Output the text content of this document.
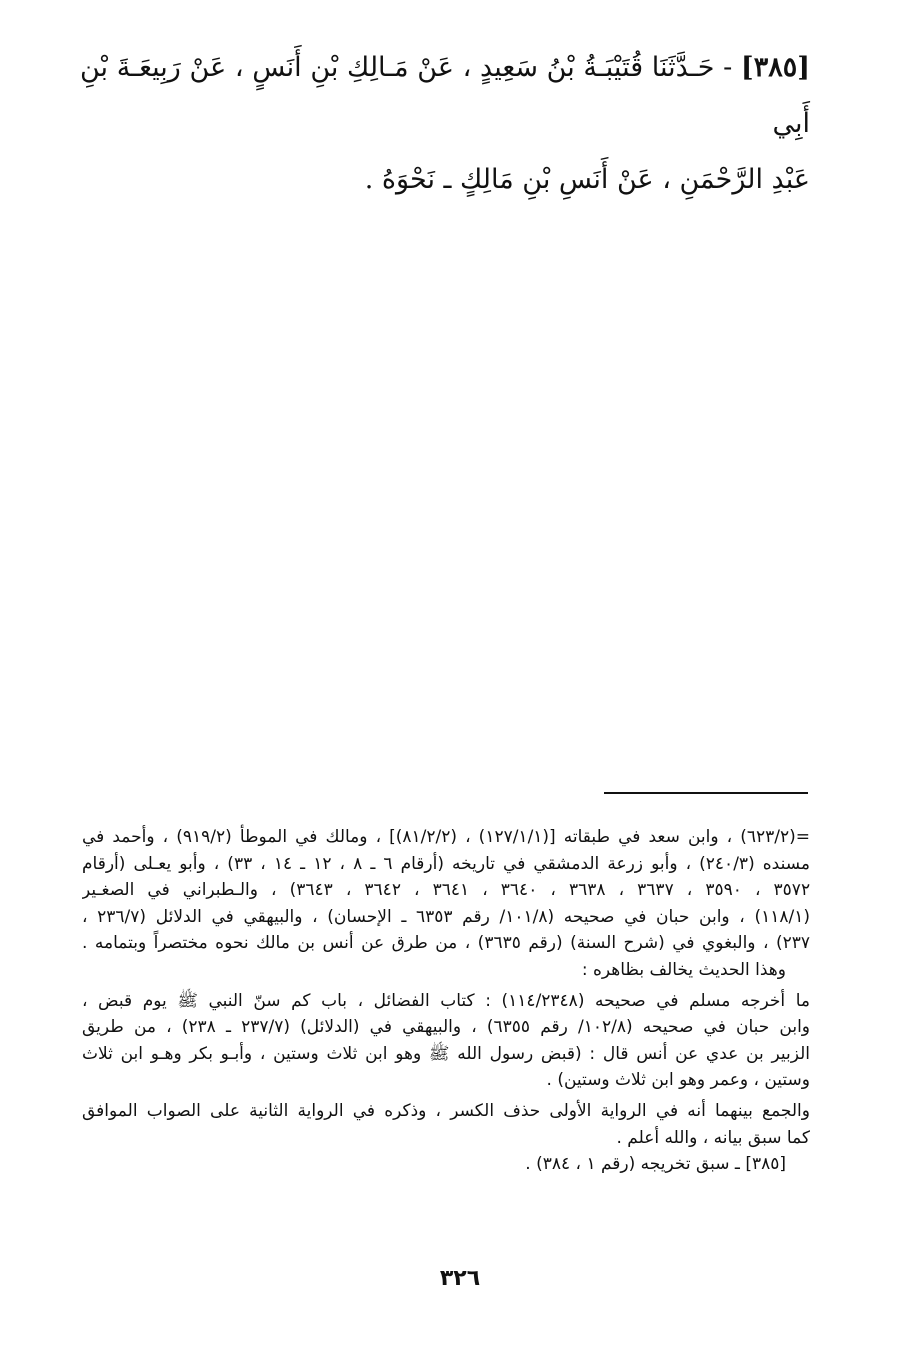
[٣٨٥] - حَـدَّثَنَا قُتَيْبَـةُ بْنُ سَعِيدٍ ، عَنْ مَـالِكِ بْنِ أَنَسٍ ، عَنْ رَبِيعَـةَ بْنِ أَبِي
عَبْدِ الرَّحْمَنِ ، عَنْ أَنَسِ بْنِ مَالِكٍ ـ نَحْوَهُ .
=(٦٢٣/٢) ، وابن سعد في طبقاته [(١٢٧/١/١) ، (٨١/٢/٢)] ، ومالك في الموطأ (٩١٩/٢) ، وأحمد في
مسنده (٢٤٠/٣) ، وأبو زرعة الدمشقي في تاريخه (أرقام ٦ ـ ٨ ، ١٢ ـ ١٤ ، ٣٣) ، وأبو يعـلى (أرقام
٣٥٧٢ ، ٣٥٩٠ ، ٣٦٣٧ ، ٣٦٣٨ ، ٣٦٤٠ ، ٣٦٤١ ، ٣٦٤٢ ، ٣٦٤٣) ، والـطبراني في الصغـير
(١١٨/١) ، وابن حبان في صحيحه (١٠١/٨/ رقم ٦٣٥٣ ـ الإحسان) ، والبيهقي في الدلائل (٢٣٦/٧ ،
٢٣٧) ، والبغوي في (شرح السنة) (رقم ٣٦٣٥) ، من طرق عن أنس بن مالك نحوه مختصراً وبتمامه .
وهذا الحديث يخالف بظاهره :
ما أخرجه مسلم في صحيحه (١١٤/٢٣٤٨) : كتاب الفضائل ، باب كم سنّ النبي ﷺ يوم قبض ،
وابن حبان في صحيحه (١٠٢/٨/ رقم ٦٣٥٥) ، والبيهقي في (الدلائل) (٢٣٧/٧ ـ ٢٣٨) ، من طريق
الزبير بن عدي عن أنس قال : (قبض رسول الله ﷺ وهو ابن ثلاث وستين ، وأبـو بكر وهـو ابن ثلاث
وستين ، وعمر وهو ابن ثلاث وستين) .
والجمع بينهما أنه في الرواية الأولى حذف الكسر ، وذكره في الرواية الثانية على الصواب الموافق
كما سبق بيانه ، والله أعلم .
[٣٨٥] ـ سبق تخريجه (رقم ١ ، ٣٨٤) .
٣٢٦
